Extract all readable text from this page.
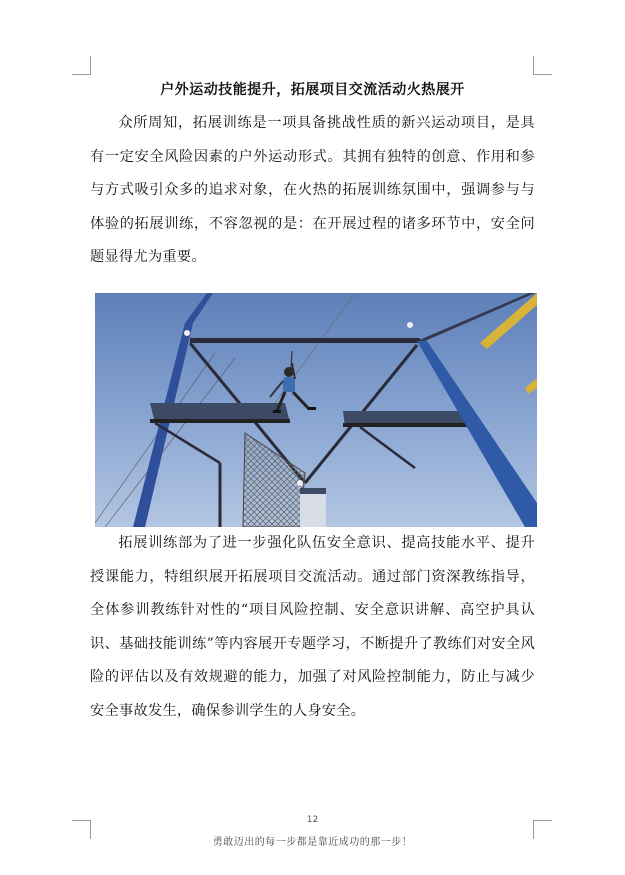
户外运动技能提升，拓展项目交流活动火热展开

众所周知，拓展训练是一项具备挑战性质的新兴运动项目，是具有一定安全风险因素的户外运动形式。其拥有独特的创意、作用和参与方式吸引众多的追求对象，在火热的拓展训练氛围中，强调参与与体验的拓展训练，不容忽视的是：在开展过程的诸多环节中，安全问题显得尤为重要。

拓展训练部为了进一步强化队伍安全意识、提高技能水平、提升授课能力，特组织展开拓展项目交流活动。通过部门资深教练指导，全体参训教练针对性的“项目风险控制、安全意识讲解、高空护具认识、基础技能训练”等内容展开专题学习，不断提升了教练们对安全风险的评估以及有效规避的能力，加强了对风险控制能力，防止与减少安全事故发生，确保参训学生的人身安全。

12
勇敢迈出的每一步都是靠近成功的那一步！
